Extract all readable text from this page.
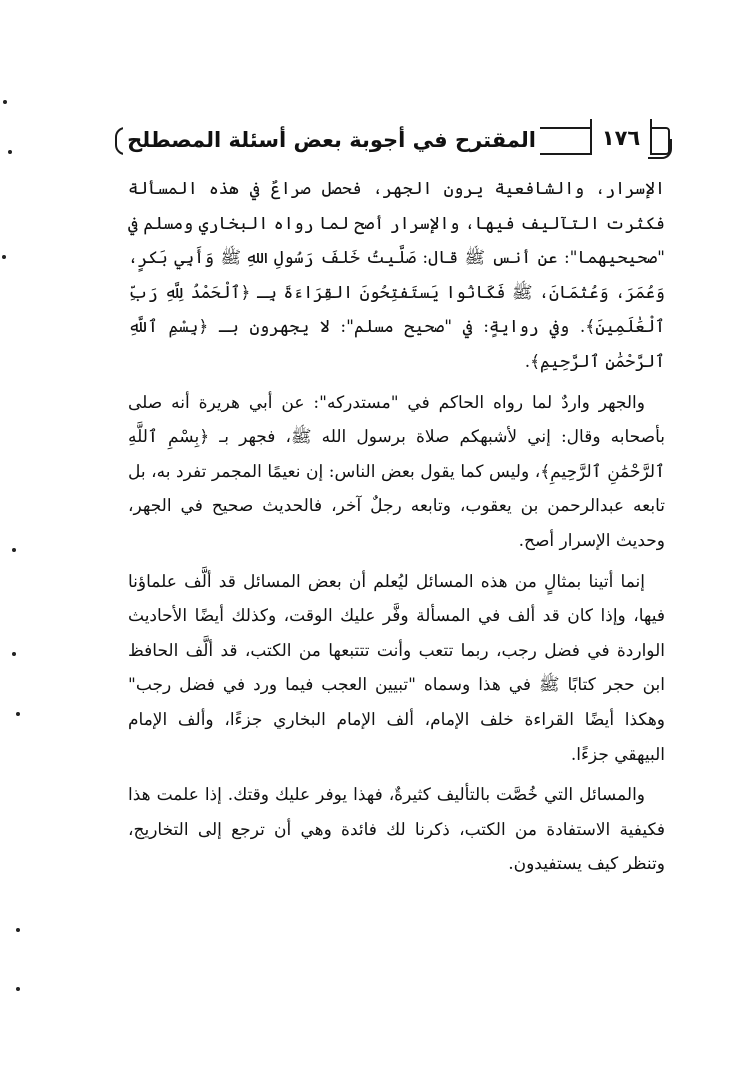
المقترح في أجوبة بعض أسئلة المصطلح	١٧٦

الإسرار، والشافعية يرون الجهر، فحصل صراعٌ في هذه المسألة فكثرت التآليف فيها، والإسرار أصح لما رواه البخاري ومسلم في "صحيحيهما": عن أنس ﷺ قال: صَلَّيتُ خَلفَ رَسُولِ اللهِ ﷺ وَأَبِي بَكرٍ، وَعُمَرَ، وَعُثمَانَ، ﷺ فَكَانُوا يَستَفتِحُونَ القِرَاءَةَ بِـ ﴿ٱلْحَمْدُ لِلَّهِ رَبِّ ٱلْعَٰلَمِينَ﴾. وفي روايةٍ: في "صحيح مسلم": لا يجهرون بـ ﴿بِسْمِ ٱللَّهِ ٱلرَّحْمَٰنِ ٱلرَّحِيمِ﴾.

والجهر واردٌ لما رواه الحاكم في "مستدركه": عن أبي هريرة أنه صلى بأصحابه وقال: إني لأشبهكم صلاة برسول الله ﷺ، فجهر بـ ﴿بِسْمِ ٱللَّهِ ٱلرَّحْمَٰنِ ٱلرَّحِيمِ﴾، وليس كما يقول بعض الناس: إن نعيمًا المجمر تفرد به، بل تابعه عبدالرحمن بن يعقوب، وتابعه رجلٌ آخر، فالحديث صحيح في الجهر، وحديث الإسرار أصح.

إنما أتينا بمثالٍ من هذه المسائل ليُعلم أن بعض المسائل قد ألَّف علماؤنا فيها، وإذا كان قد ألف في المسألة وفَّر عليك الوقت، وكذلك أيضًا الأحاديث الواردة في فضل رجب، ربما تتعب وأنت تتتبعها من الكتب، قد ألَّف الحافظ ابن حجر كتابًا ﷺ في هذا وسماه "تبيين العجب فيما ورد في فضل رجب" وهكذا أيضًا القراءة خلف الإمام، ألف الإمام البخاري جزءًا، وألف الإمام البيهقي جزءًا.

والمسائل التي خُصَّت بالتأليف كثيرةٌ، فهذا يوفر عليك وقتك. إذا علمت هذا فكيفية الاستفادة من الكتب، ذكرنا لك فائدة وهي أن ترجع إلى التخاريج، وتنظر كيف يستفيدون.
